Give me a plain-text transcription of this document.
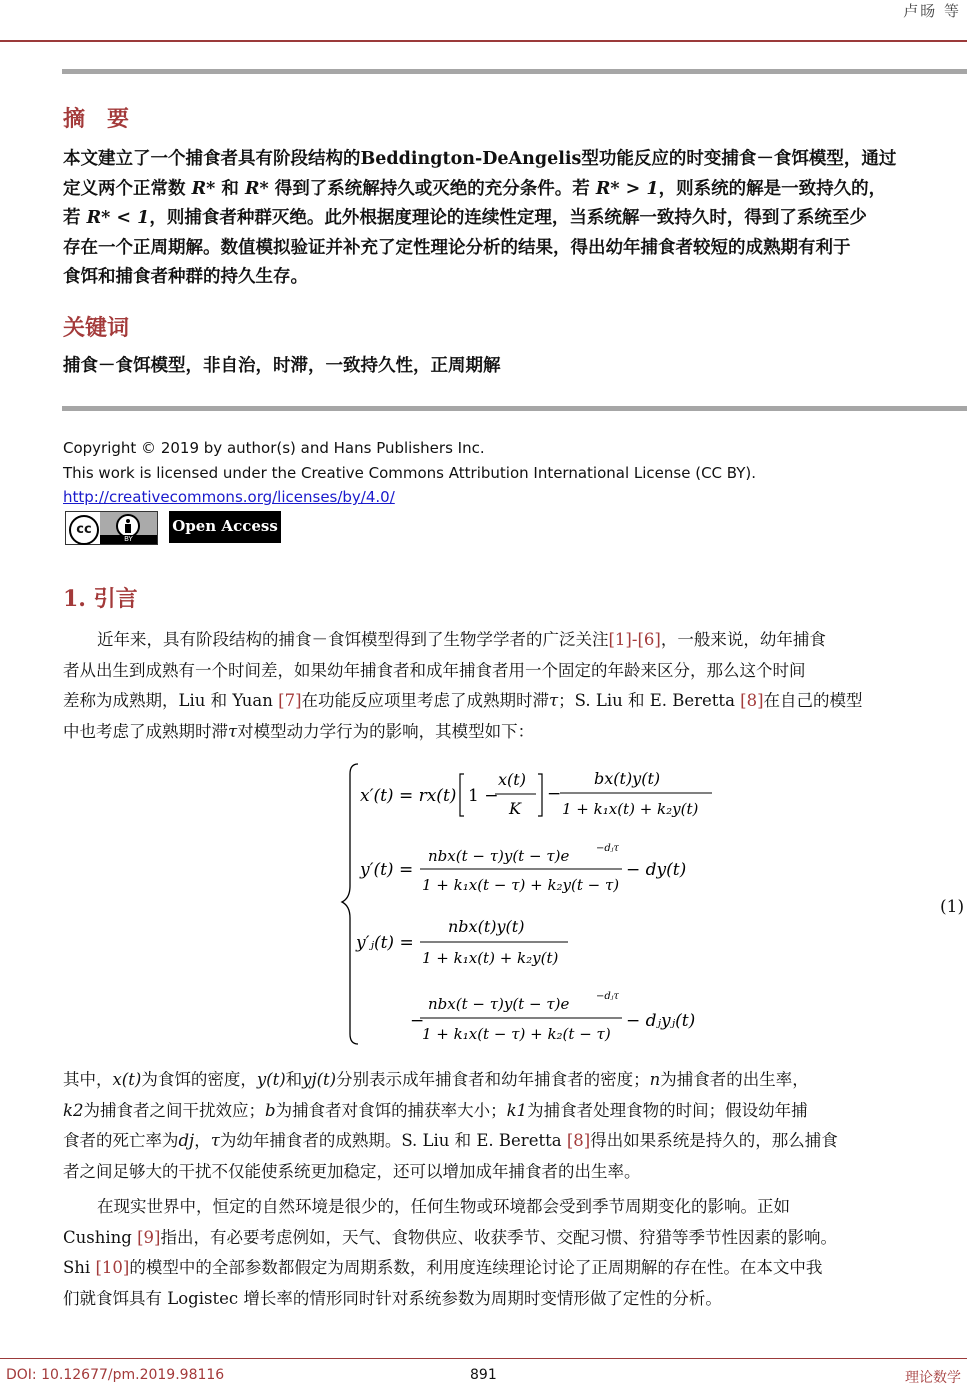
卢旸 等
摘　要
本文建立了一个捕食者具有阶段结构的Beddington-DeAngelis型功能反应的时变捕食－食饵模型，通过
定义两个正常数 R* 和 R* 得到了系统解持久或灭绝的充分条件。若 R* > 1，则系统的解是一致持久的，
若 R* < 1，则捕食者种群灭绝。此外根据度理论的连续性定理，当系统解一致持久时，得到了系统至少
存在一个正周期解。数值模拟验证并补充了定性理论分析的结果，得出幼年捕食者较短的成熟期有利于
食饵和捕食者种群的持久生存。
关键词
捕食－食饵模型，非自治，时滞，一致持久性，正周期解
Copyright © 2019 by author(s) and Hans Publishers Inc.
This work is licensed under the Creative Commons Attribution International License (CC BY).
http://creativecommons.org/licenses/by/4.0/
cc
BY
Open Access
1. 引言
近年来，具有阶段结构的捕食－食饵模型得到了生物学学者的广泛关注[1]-[6]，一般来说，幼年捕食
者从出生到成熟有一个时间差，如果幼年捕食者和成年捕食者用一个固定的年龄来区分，那么这个时间
差称为成熟期，Liu 和 Yuan [7]在功能反应项里考虑了成熟期时滞τ；S. Liu 和 E. Beretta [8]在自己的模型
中也考虑了成熟期时滞τ对模型动力学行为的影响，其模型如下：
x′(t) = rx(t) 1 −
x(t)
K
−
bx(t)y(t)
1 + k₁x(t) + k₂y(t)
y′(t) =
nbx(t − τ)y(t − τ)e	−dⱼτ
1 + k₁x(t − τ) + k₂y(t − τ)
− dy(t)
y′ⱼ(t) =
nbx(t)y(t)
1 + k₁x(t) + k₂y(t)
−
nbx(t − τ)y(t − τ)e	−dⱼτ
1 + k₁x(t − τ) + k₂(t − τ)
− dⱼyⱼ(t)
(1)
其中，x(t)为食饵的密度，y(t)和yj(t)分别表示成年捕食者和幼年捕食者的密度；n为捕食者的出生率，
k2为捕食者之间干扰效应；b为捕食者对食饵的捕获率大小；k1为捕食者处理食物的时间；假设幼年捕
食者的死亡率为dj，τ为幼年捕食者的成熟期。S. Liu 和 E. Beretta [8]得出如果系统是持久的，那么捕食
者之间足够大的干扰不仅能使系统更加稳定，还可以增加成年捕食者的出生率。
在现实世界中，恒定的自然环境是很少的，任何生物或环境都会受到季节周期变化的影响。正如
Cushing [9]指出，有必要考虑例如，天气、食物供应、收获季节、交配习惯、狩猎等季节性因素的影响。
Shi [10]的模型中的全部参数都假定为周期系数，利用度连续理论讨论了正周期解的存在性。在本文中我
们就食饵具有 Logistec 增长率的情形同时针对系统参数为周期时变情形做了定性的分析。
DOI: 10.12677/pm.2019.98116	891	理论数学
